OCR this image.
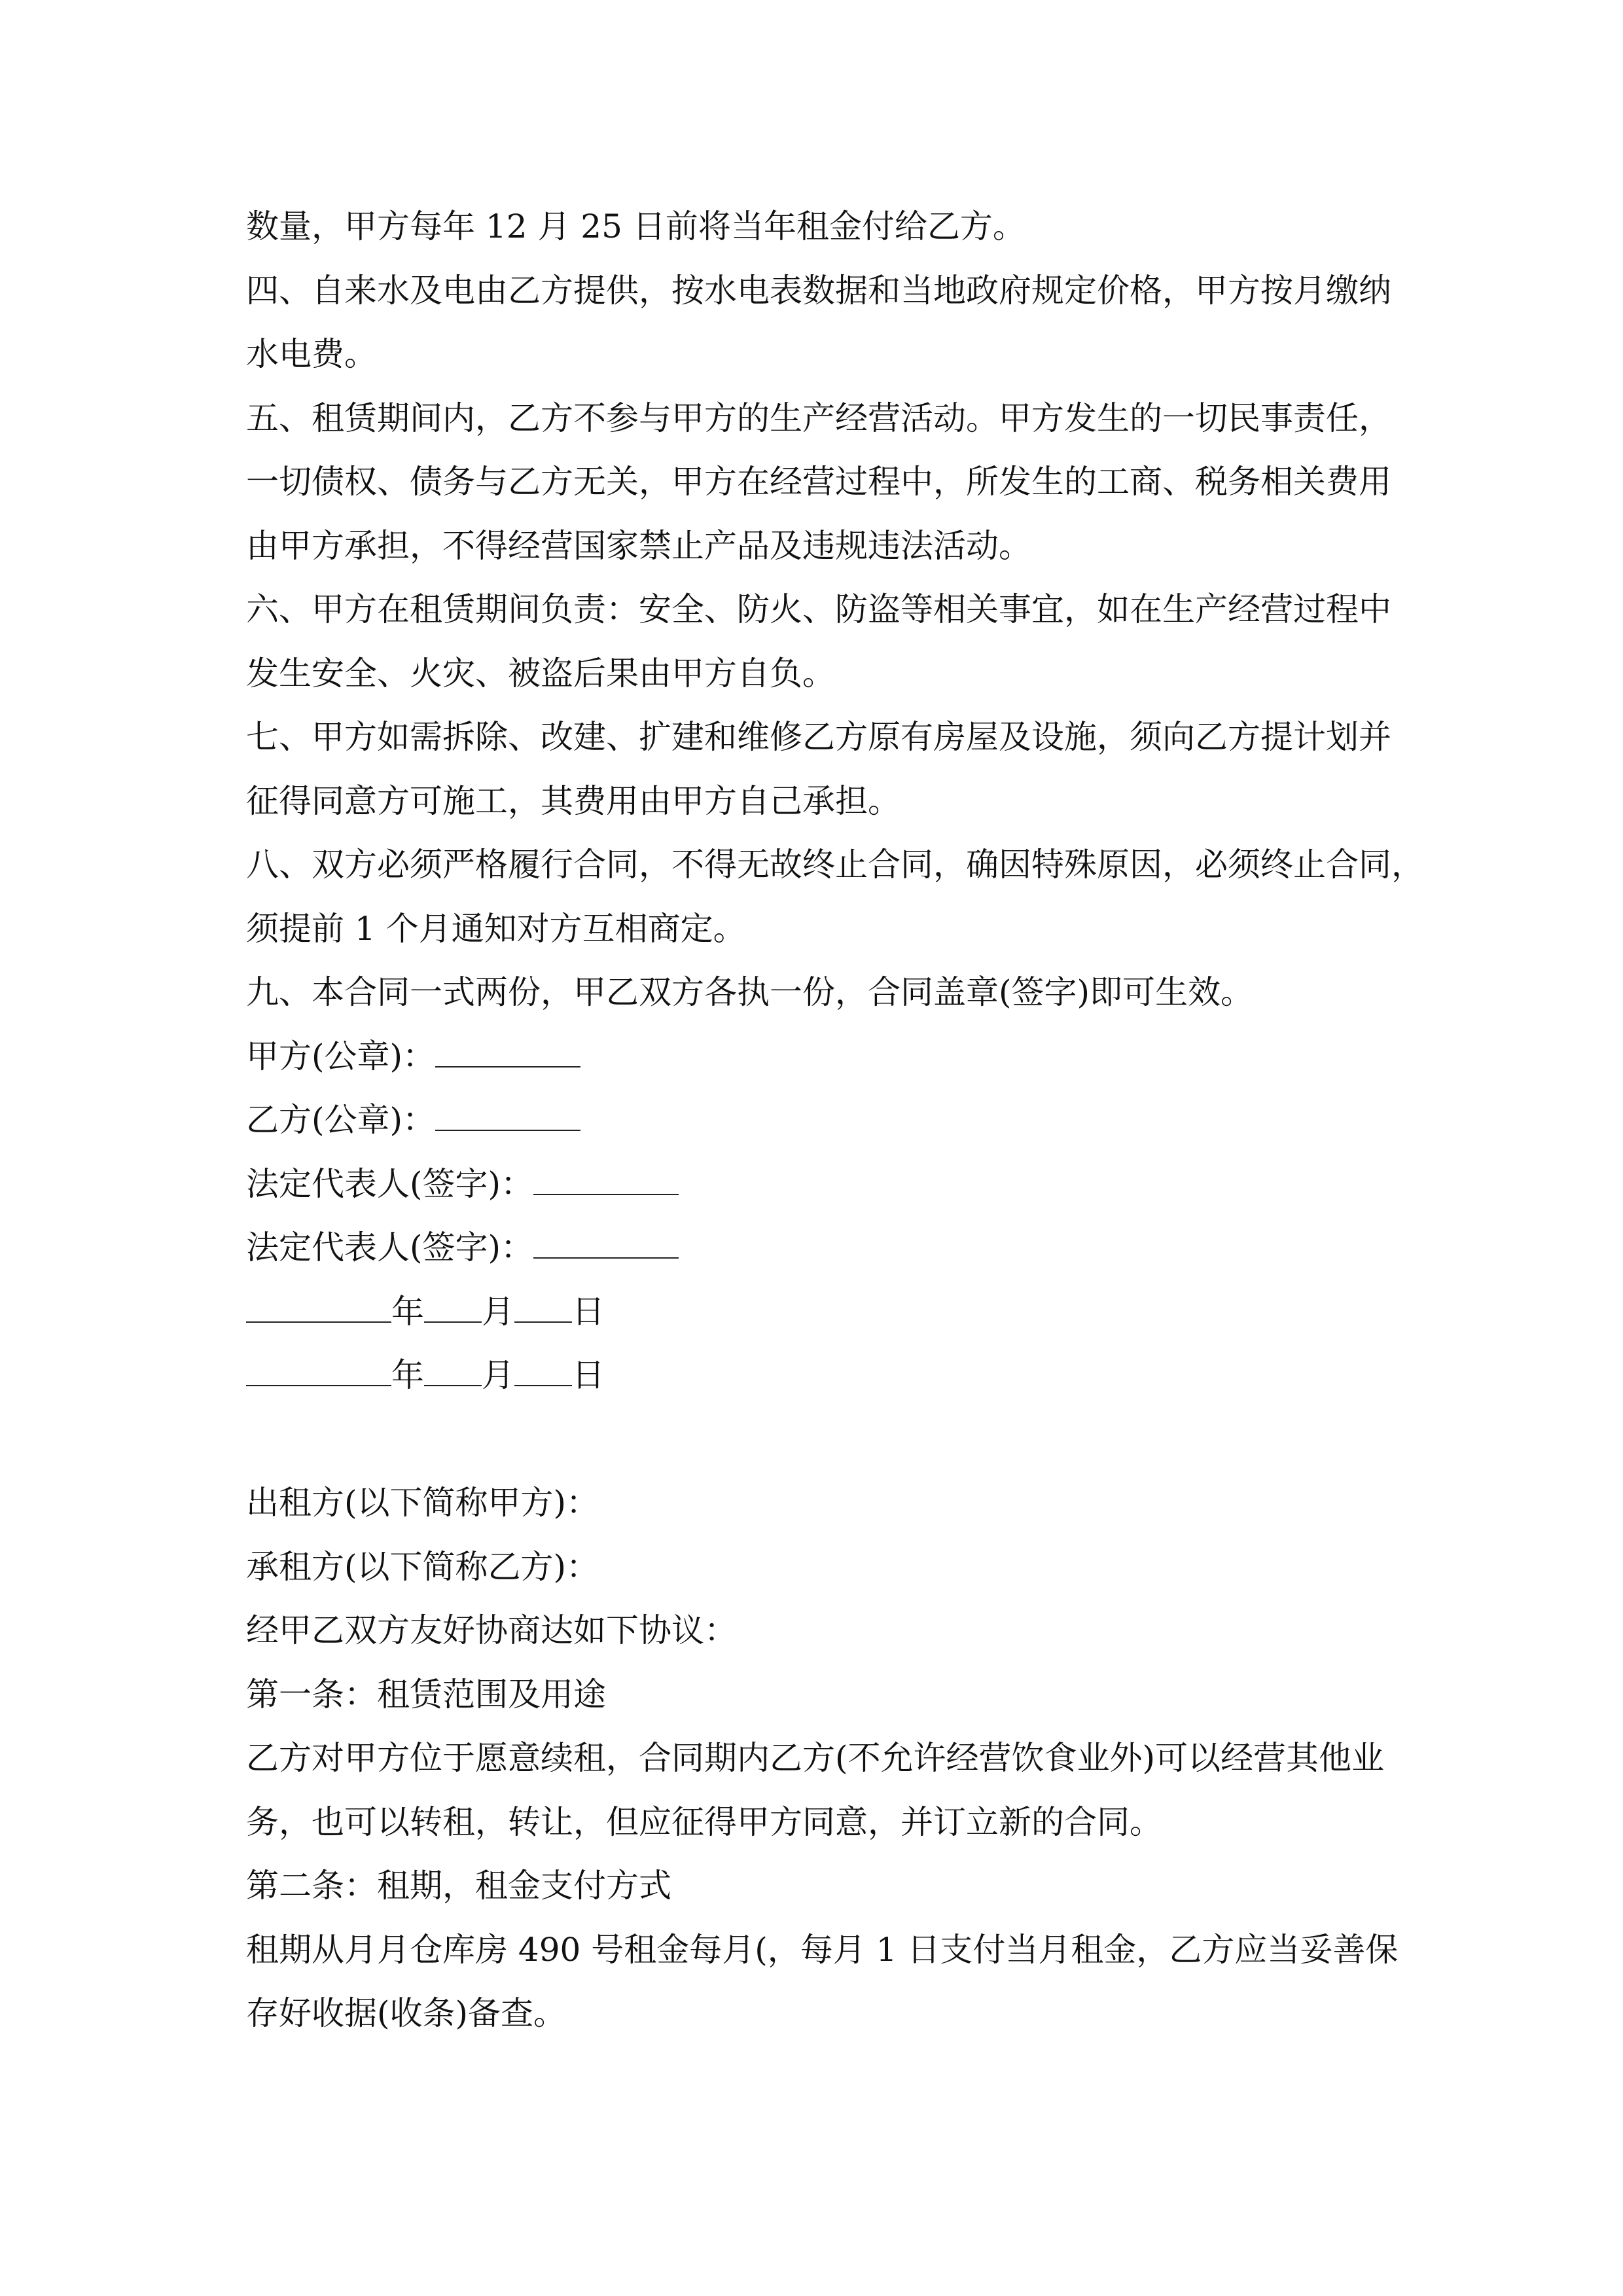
数量，甲方每年 12 月 25 日前将当年租金付给乙方。
四、自来水及电由乙方提供，按水电表数据和当地政府规定价格，甲方按月缴纳
水电费。
五、租赁期间内，乙方不参与甲方的生产经营活动。甲方发生的一切民事责任，
一切债权、债务与乙方无关，甲方在经营过程中，所发生的工商、税务相关费用
由甲方承担，不得经营国家禁止产品及违规违法活动。
六、甲方在租赁期间负责：安全、防火、防盗等相关事宜，如在生产经营过程中
发生安全、火灾、被盗后果由甲方自负。
七、甲方如需拆除、改建、扩建和维修乙方原有房屋及设施，须向乙方提计划并
征得同意方可施工，其费用由甲方自己承担。
八、双方必须严格履行合同，不得无故终止合同，确因特殊原因，必须终止合同，
须提前 1 个月通知对方互相商定。
九、本合同一式两份，甲乙双方各执一份，合同盖章(签字)即可生效。
甲方(公章)：
乙方(公章)：
法定代表人(签字)：
法定代表人(签字)：
年 月 日
年 月 日
出租方(以下简称甲方)：
承租方(以下简称乙方)：
经甲乙双方友好协商达如下协议：
第一条：租赁范围及用途
乙方对甲方位于愿意续租，合同期内乙方(不允许经营饮食业外)可以经营其他业
务，也可以转租，转让，但应征得甲方同意，并订立新的合同。
第二条：租期，租金支付方式
租期从月月仓库房 490 号租金每月(，每月 1 日支付当月租金，乙方应当妥善保
存好收据(收条)备查。
